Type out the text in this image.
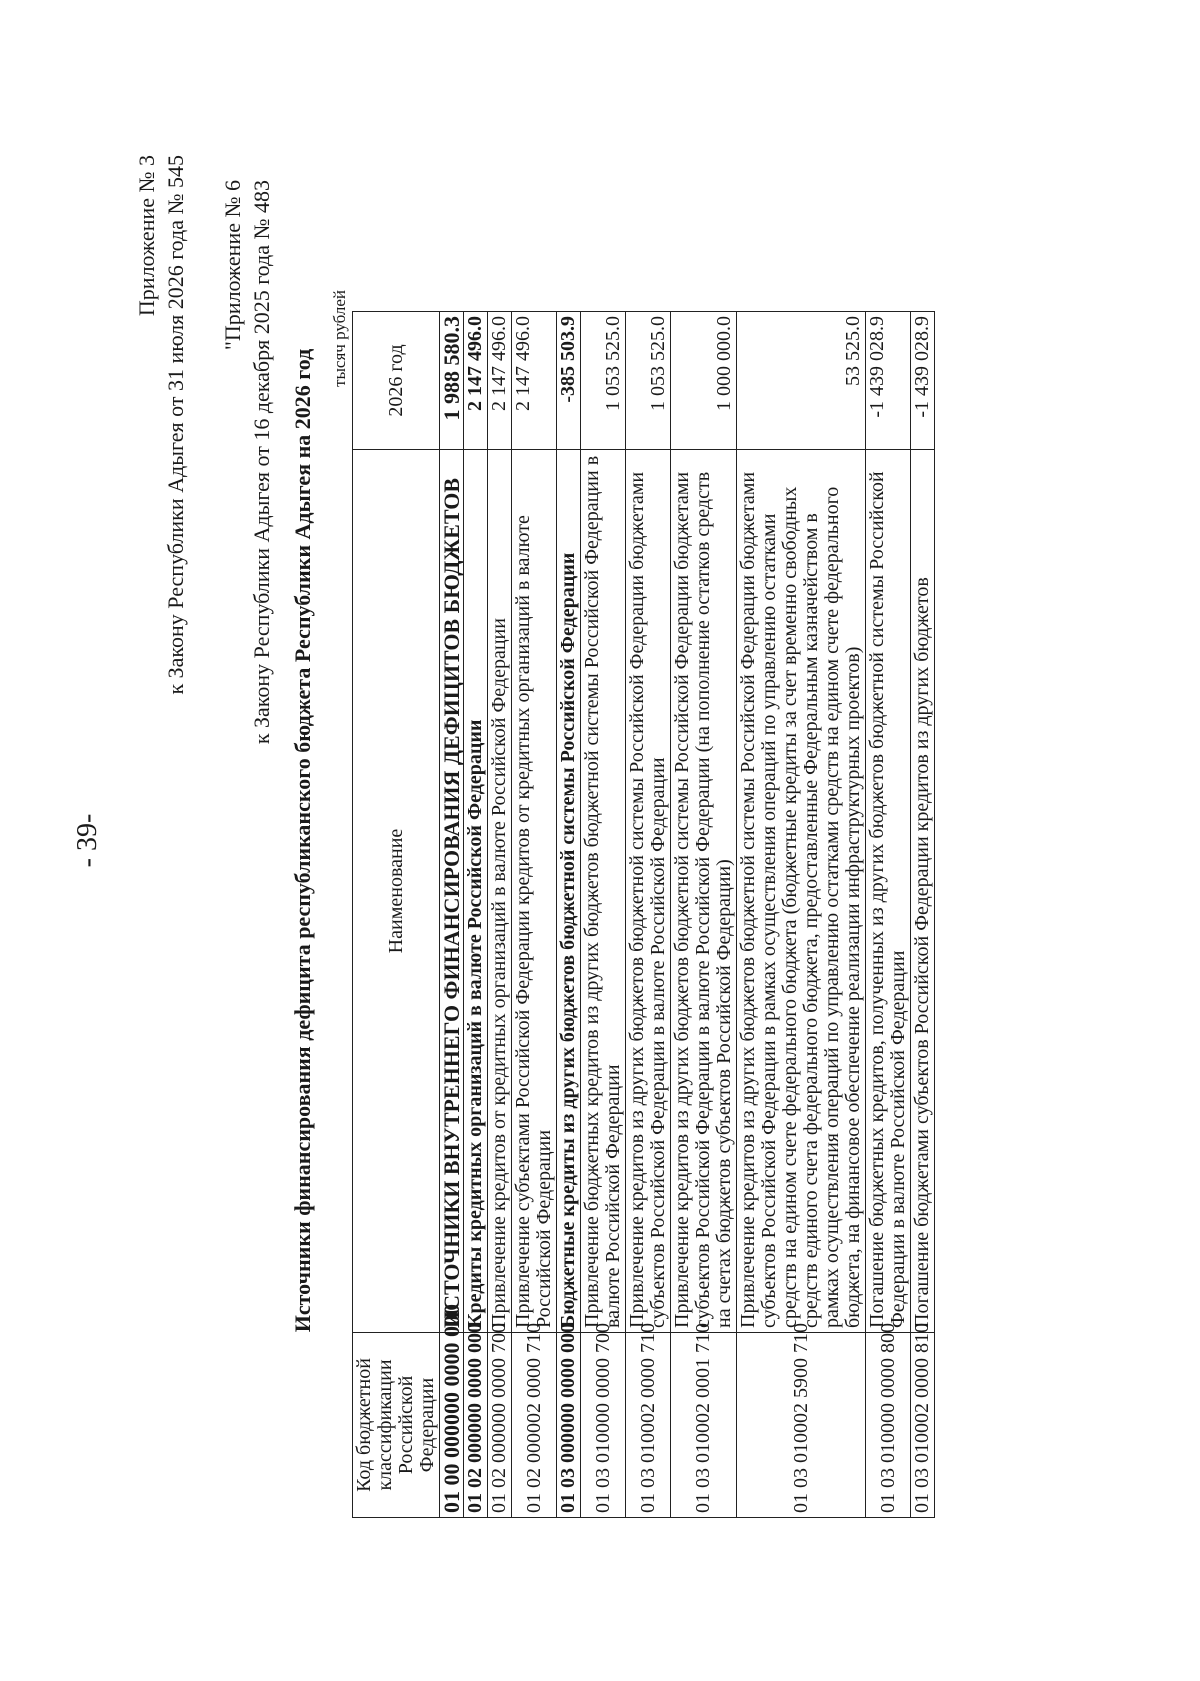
- 39-
Приложение № 3 к Закону Республики Адыгея от 31 июля 2026 года № 545 "Приложение № 6 к Закону Республики Адыгея от 16 декабря 2025 года № 483 Источники финансирования дефицита республиканского бюджета Республики Адыгея на 2026 год
тысяч рублей
Код бюджетной классификации Российской Федерации	Наименование	2026 год
01 00 000000 0000 000	ИСТОЧНИКИ ВНУТРЕННЕГО ФИНАНСИРОВАНИЯ ДЕФИЦИТОВ БЮДЖЕТОВ	1 988 580.3
01 02 000000 0000 000	Кредиты кредитных организаций в валюте Российской Федерации	2 147 496.0
01 02 000000 0000 700	Привлечение кредитов от кредитных организаций в валюте Российской Федерации	2 147 496.0
01 02 000002 0000 710	Привлечение субъектами Российской Федерации кредитов от кредитных организаций в валюте Российской Федерации	2 147 496.0
01 03 000000 0000 000	Бюджетные кредиты из других бюджетов бюджетной системы Российской Федерации	-385 503.9
01 03 010000 0000 700	Привлечение бюджетных кредитов из других бюджетов бюджетной системы Российской Федерации в валюте Российской Федерации	1 053 525.0
01 03 010002 0000 710	Привлечение кредитов из других бюджетов бюджетной системы Российской Федерации бюджетами субъектов Российской Федерации в валюте Российской Федерации	1 053 525.0
01 03 010002 0001 710	Привлечение кредитов из других бюджетов бюджетной системы Российской Федерации бюджетами субъектов Российской Федерации в валюте Российской Федерации (на пополнение остатков средств на счетах бюджетов субъектов Российской Федерации)	1 000 000.0
01 03 010002 5900 710	Привлечение кредитов из других бюджетов бюджетной системы Российской Федерации бюджетами субъектов Российской Федерации в рамках осуществления операций по управлению остатками средств на едином счете федерального бюджета (бюджетные кредиты за счет временно свободных средств единого счета федерального бюджета, предоставленные Федеральным казначейством в рамках осуществления операций по управлению остатками средств на едином счете федерального бюджета, на финансовое обеспечение реализации инфраструктурных проектов)	53 525.0
01 03 010000 0000 800	Погашение бюджетных кредитов, полученных из других бюджетов бюджетной системы Российской Федерации в валюте Российской Федерации	-1 439 028.9
01 03 010002 0000 810	Погашение бюджетами субъектов Российской Федерации кредитов из других бюджетов	-1 439 028.9
